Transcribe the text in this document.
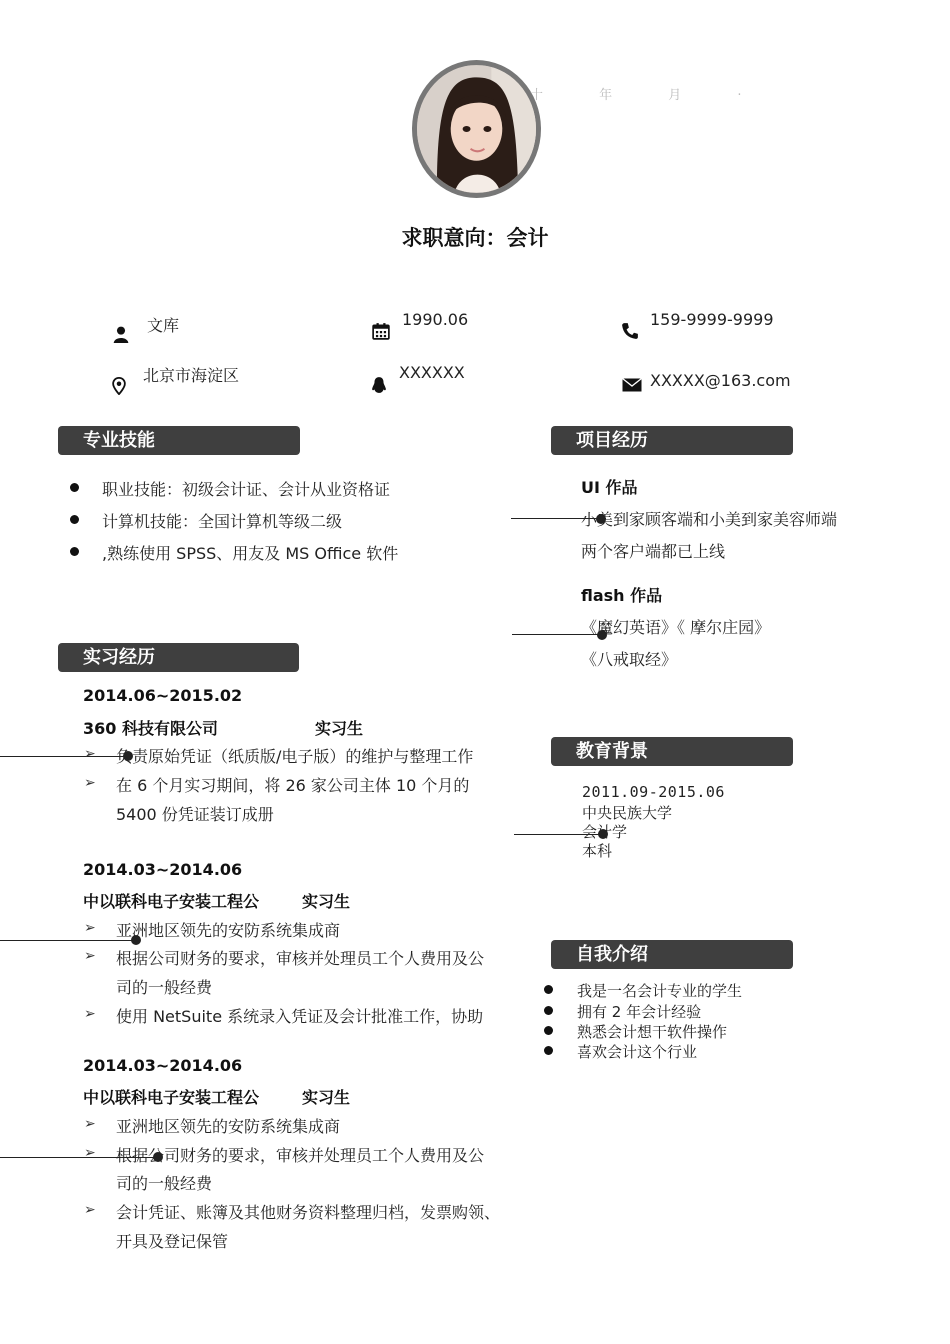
十 年 月 ·
求职意向：会计
文库	1990.06	159-9999-9999
北京市海淀区	XXXXXX	XXXXX@163.com
专业技能
职业技能：初级会计证、会计从业资格证
计算机技能：全国计算机等级二级
,熟练使用 SPSS、用友及 MS Office 软件
项目经历
UI 作品
小美到家顾客端和小美到家美容师端
两个客户端都已上线
flash 作品
《魔幻英语》《 摩尔庄园》
《八戒取经》
实习经历
2014.06~2015.02
360 科技有限公司	实习生
➢ 负责原始凭证（纸质版/电子版）的维护与整理工作
➢ 在 6 个月实习期间，将 26 家公司主体 10 个月的
5400 份凭证装订成册
2014.03~2014.06
中以联科电子安装工程公	实习生
➢ 亚洲地区领先的安防系统集成商
➢ 根据公司财务的要求，审核并处理员工个人费用及公
司的一般经费
➢ 使用 NetSuite 系统录入凭证及会计批准工作，协助
2014.03~2014.06
中以联科电子安装工程公	实习生
➢ 亚洲地区领先的安防系统集成商
➢ 根据公司财务的要求，审核并处理员工个人费用及公
司的一般经费
➢ 会计凭证、账簿及其他财务资料整理归档，发票购领、
开具及登记保管
教育背景
2011.09-2015.06
中央民族大学
会计学
本科
自我介绍
我是一名会计专业的学生
拥有 2 年会计经验
熟悉会计想干软件操作
喜欢会计这个行业
